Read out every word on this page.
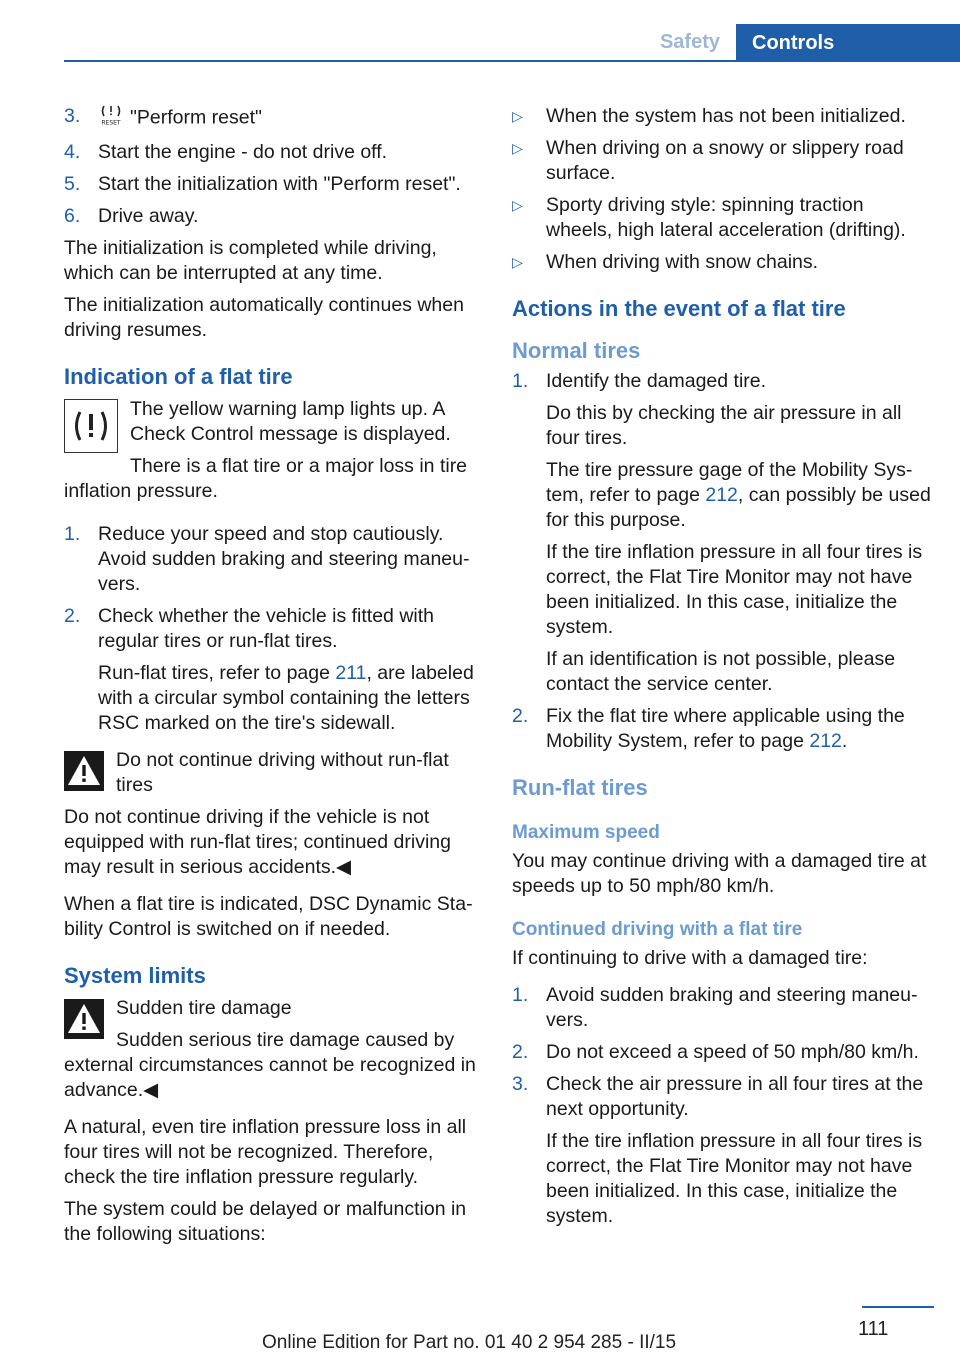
Safety	Controls
3.	RESET "Perform reset"
4. Start the engine - do not drive off.
5. Start the initialization with "Perform reset".
6. Drive away.

The initialization is completed while driving, which can be interrupted at any time.

The initialization automatically continues when driving resumes.

Indication of a flat tire

The yellow warning lamp lights up. A Check Control message is displayed.

There is a flat tire or a major loss in tire inflation pressure.

1. Reduce your speed and stop cautiously. Avoid sudden braking and steering maneuvers.
2. Check whether the vehicle is fitted with regular tires or run-flat tires.
Run-flat tires, refer to page 211, are labeled with a circular symbol containing the letters RSC marked on the tire's sidewall.

Do not continue driving without run-flat tires

Do not continue driving if the vehicle is not equipped with run-flat tires; continued driving may result in serious accidents.◀

When a flat tire is indicated, DSC Dynamic Stability Control is switched on if needed.

System limits

Sudden tire damage

Sudden serious tire damage caused by external circumstances cannot be recognized in advance.◀

A natural, even tire inflation pressure loss in all four tires will not be recognized. Therefore, check the tire inflation pressure regularly.

The system could be delayed or malfunction in the following situations:

▷ When the system has not been initialized.
▷ When driving on a snowy or slippery road surface.
▷ Sporty driving style: spinning traction wheels, high lateral acceleration (drifting).
▷ When driving with snow chains.
Actions in the event of a flat tire
Normal tires
1. Identify the damaged tire.
Do this by checking the air pressure in all four tires.
The tire pressure gage of the Mobility System, refer to page 212, can possibly be used for this purpose.
If the tire inflation pressure in all four tires is correct, the Flat Tire Monitor may not have been initialized. In this case, initialize the system.
If an identification is not possible, please contact the service center.
2. Fix the flat tire where applicable using the Mobility System, refer to page 212.
Run-flat tires
Maximum speed

You may continue driving with a damaged tire at speeds up to 50 mph/80 km/h.

Continued driving with a flat tire

If continuing to drive with a damaged tire:

1. Avoid sudden braking and steering maneuvers.
2. Do not exceed a speed of 50 mph/80 km/h.
3. Check the air pressure in all four tires at the next opportunity.
If the tire inflation pressure in all four tires is correct, the Flat Tire Monitor may not have been initialized. In this case, initialize the system.
111
Online Edition for Part no. 01 40 2 954 285 - II/15
